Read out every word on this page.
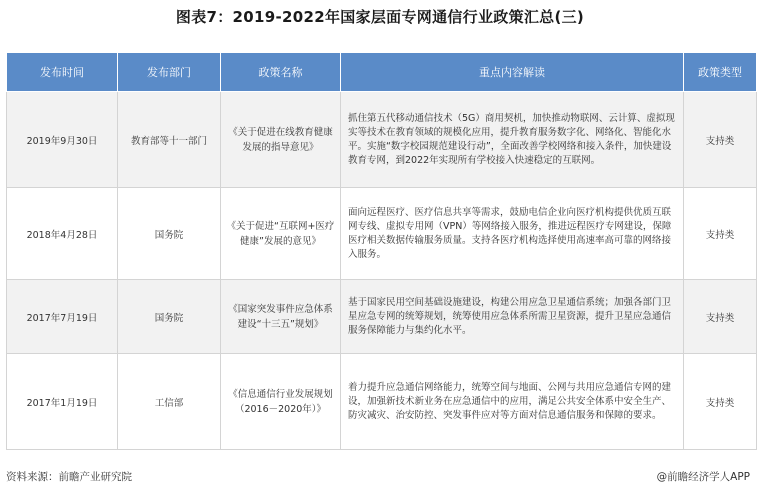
图表7：2019-2022年国家层面专网通信行业政策汇总(三)
发布时间	发布部门	政策名称	重点内容解读	政策类型
2019年9月30日	教育部等十一部门	《关于促进在线教育健康发展的指导意见》	抓住第五代移动通信技术（5G）商用契机，加快推动物联网、云计算、虚拟现实等技术在教育领域的规模化应用，提升教育服务数字化、网络化、智能化水平。实施“数字校园规范建设行动”，全面改善学校网络和接入条件，加快建设教育专网，到2022年实现所有学校接入快速稳定的互联网。	支持类
2018年4月28日	国务院	《关于促进“互联网+医疗健康”发展的意见》	面向远程医疗、医疗信息共享等需求，鼓励电信企业向医疗机构提供优质互联网专线、虚拟专用网（VPN）等网络接入服务，推进远程医疗专网建设，保障医疗相关数据传输服务质量。支持各医疗机构选择使用高速率高可靠的网络接入服务。	支持类
2017年7月19日	国务院	《国家突发事件应急体系建设“十三五”规划》	基于国家民用空间基础设施建设，构建公用应急卫星通信系统；加强各部门卫星应急专网的统筹规划，统筹使用应急体系所需卫星资源，提升卫星应急通信服务保障能力与集约化水平。	支持类
2017年1月19日	工信部	《信息通信行业发展规划（2016－2020年）》	着力提升应急通信网络能力，统筹空间与地面、公网与共用应急通信专网的建设，加强新技术新业务在应急通信中的应用，满足公共安全体系中安全生产、防灾减灾、治安防控、突发事件应对等方面对信息通信服务和保障的要求。	支持类
资料来源：前瞻产业研究院	@前瞻经济学人APP
